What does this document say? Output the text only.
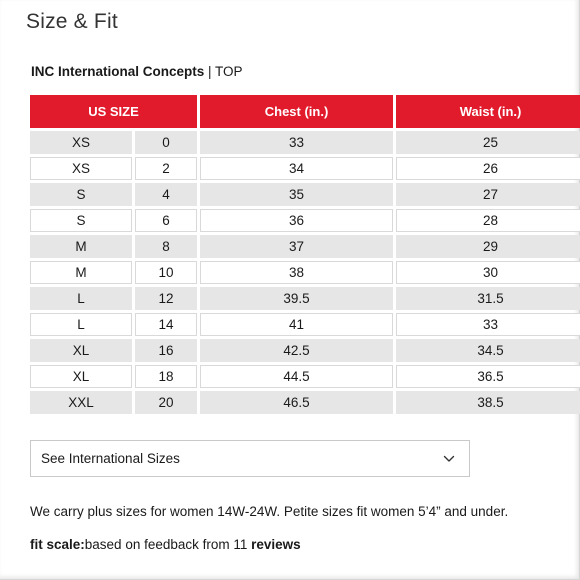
Size & Fit
INC International Concepts | TOP
US SIZE		Chest (in.)	Waist (in.)
XS	0	33	25
XS	2	34	26
S	4	35	27
S	6	36	28
M	8	37	29
M	10	38	30
L	12	39.5	31.5
L	14	41	33
XL	16	42.5	34.5
XL	18	44.5	36.5
XXL	20	46.5	38.5
See International Sizes

We carry plus sizes for women 14W-24W. Petite sizes fit women 5’4” and under.

fit scale:based on feedback from 11 reviews
